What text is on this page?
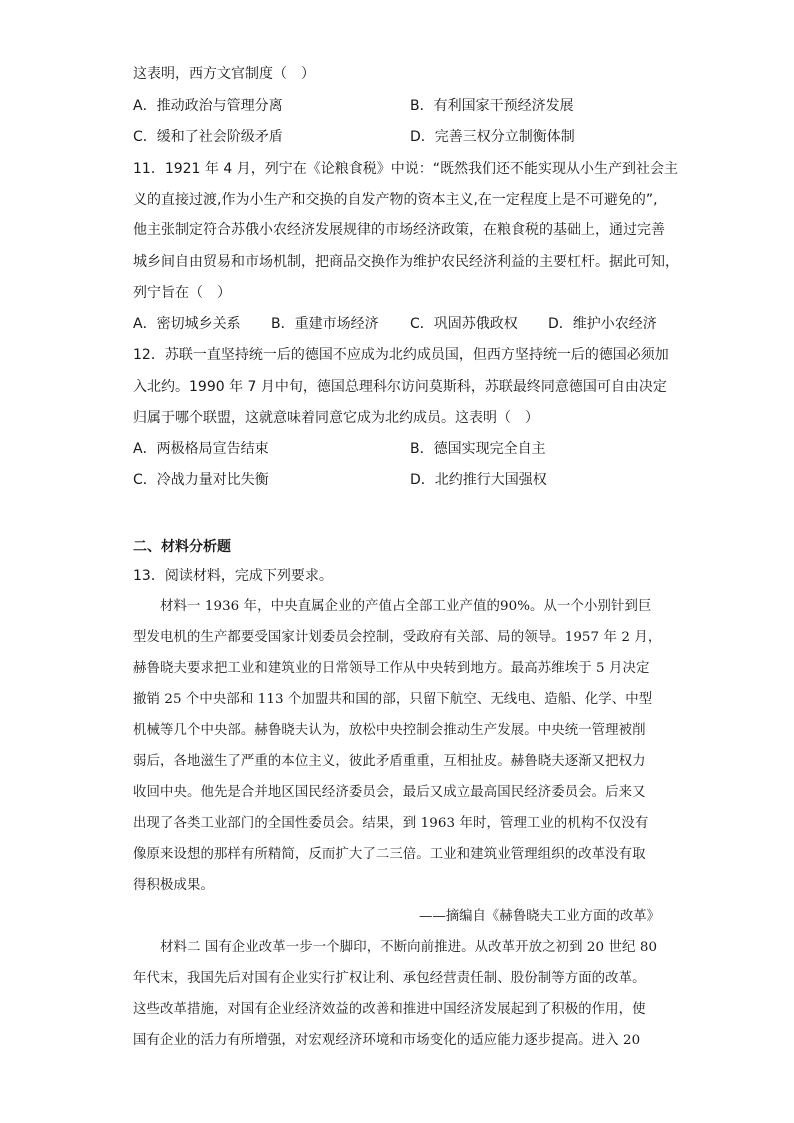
这表明，西方文官制度（　）
A．推动政治与管理分离	B．有利国家干预经济发展
C．缓和了社会阶级矛盾	D．完善三权分立制衡体制
11．1921 年 4 月，列宁在《论粮食税》中说：“既然我们还不能实现从小生产到社会主
义的直接过渡,作为小生产和交换的自发产物的资本主义,在一定程度上是不可避免的”,
他主张制定符合苏俄小农经济发展规律的市场经济政策，在粮食税的基础上，通过完善
城乡间自由贸易和市场机制，把商品交换作为维护农民经济利益的主要杠杆。据此可知，
列宁旨在（　）
A．密切城乡关系 B．重建市场经济 C．巩固苏俄政权 D．维护小农经济
12．苏联一直坚持统一后的德国不应成为北约成员国，但西方坚持统一后的德国必须加
入北约。1990 年 7 月中旬，德国总理科尔访问莫斯科，苏联最终同意德国可自由决定
归属于哪个联盟，这就意味着同意它成为北约成员。这表明（　）
A．两极格局宣告结束	B．德国实现完全自主
C．冷战力量对比失衡	D．北约推行大国强权
二、材料分析题
13．阅读材料，完成下列要求。
材料一 1936 年，中央直属企业的产值占全部工业产值的90%。从一个小别针到巨
型发电机的生产都要受国家计划委员会控制，受政府有关部、局的领导。1957 年 2 月，
赫鲁晓夫要求把工业和建筑业的日常领导工作从中央转到地方。最高苏维埃于 5 月决定
撤销 25 个中央部和 113 个加盟共和国的部，只留下航空、无线电、造船、化学、中型
机械等几个中央部。赫鲁晓夫认为，放松中央控制会推动生产发展。中央统一管理被削
弱后，各地滋生了严重的本位主义，彼此矛盾重重，互相扯皮。赫鲁晓夫逐渐又把权力
收回中央。他先是合并地区国民经济委员会，最后又成立最高国民经济委员会。后来又
出现了各类工业部门的全国性委员会。结果，到 1963 年时，管理工业的机构不仅没有
像原来设想的那样有所精简，反而扩大了二三倍。工业和建筑业管理组织的改革没有取
得积极成果。
——摘编自《赫鲁晓夫工业方面的改革》
材料二 国有企业改革一步一个脚印，不断向前推进。从改革开放之初到 20 世纪 80
年代末，我国先后对国有企业实行扩权让利、承包经营责任制、股份制等方面的改革。
这些改革措施，对国有企业经济效益的改善和推进中国经济发展起到了积极的作用，使
国有企业的活力有所增强，对宏观经济环境和市场变化的适应能力逐步提高。进入 20
